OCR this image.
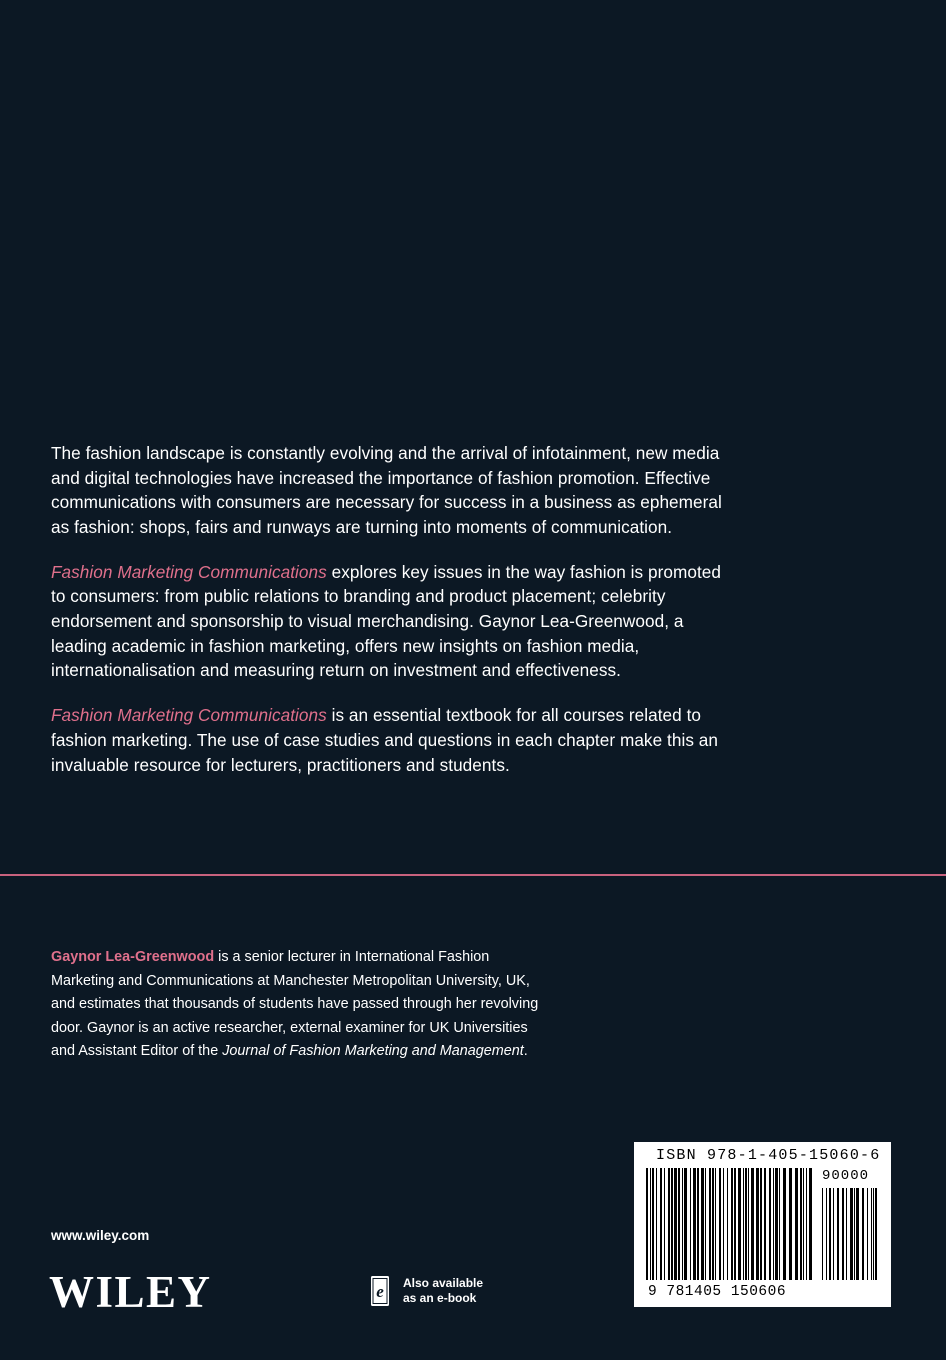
The fashion landscape is constantly evolving and the arrival of infotainment, new media and digital technologies have increased the importance of fashion promotion. Effective communications with consumers are necessary for success in a business as ephemeral as fashion: shops, fairs and runways are turning into moments of communication.

Fashion Marketing Communications explores key issues in the way fashion is promoted to consumers: from public relations to branding and product placement; celebrity endorsement and sponsorship to visual merchandising. Gaynor Lea-Greenwood, a leading academic in fashion marketing, offers new insights on fashion media, internationalisation and measuring return on investment and effectiveness.

Fashion Marketing Communications is an essential textbook for all courses related to fashion marketing. The use of case studies and questions in each chapter make this an invaluable resource for lecturers, practitioners and students.

Gaynor Lea-Greenwood is a senior lecturer in International Fashion Marketing and Communications at Manchester Metropolitan University, UK, and estimates that thousands of students have passed through her revolving door. Gaynor is an active researcher, external examiner for UK Universities and Assistant Editor of the Journal of Fashion Marketing and Management.

www.wiley.com
WILEY	e Also available
as an e-book
ISBN 978-1-405-15060-6
90000
9 781405 150606
